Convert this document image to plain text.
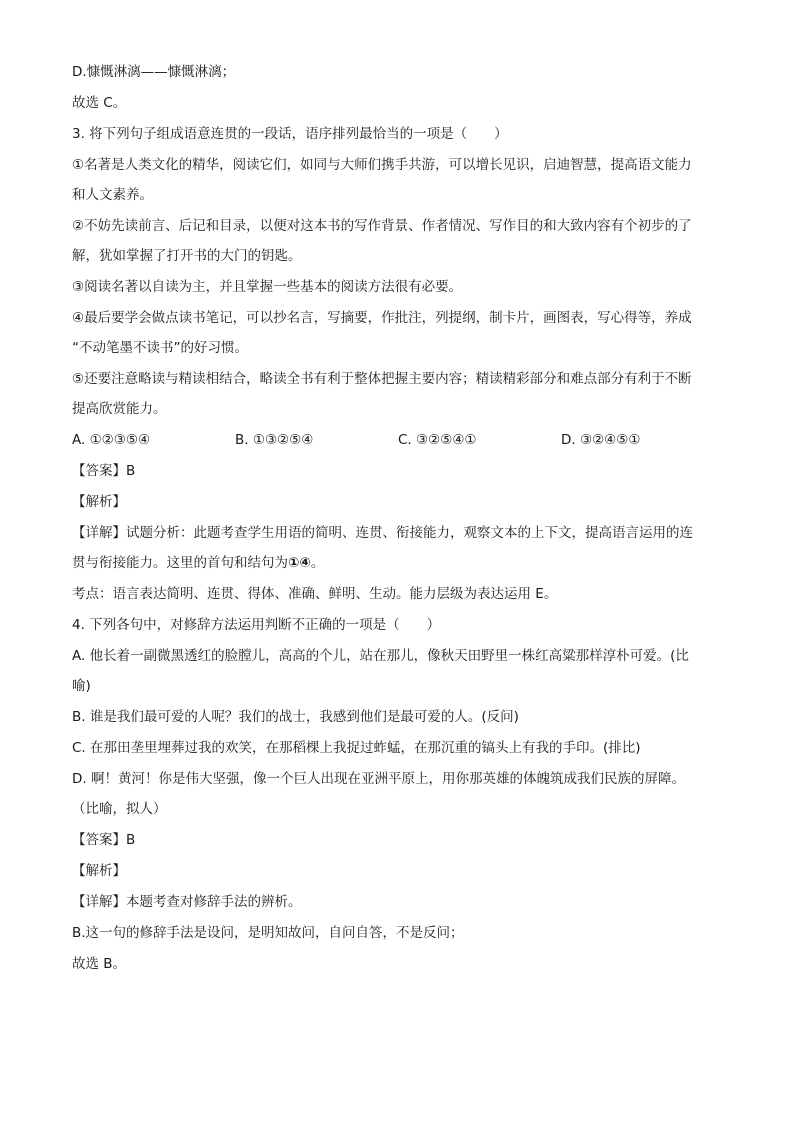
D.慷慨淋漓——慷慨淋漓；

故选 C。

3. 将下列句子组成语意连贯的一段话，语序排列最恰当的一项是（　　）

①名著是人类文化的精华，阅读它们，如同与大师们携手共游，可以增长见识，启迪智慧，提高语文能力

和人文素养。

②不妨先读前言、后记和目录，以便对这本书的写作背景、作者情况、写作目的和大致内容有个初步的了

解，犹如掌握了打开书的大门的钥匙。

③阅读名著以自读为主，并且掌握一些基本的阅读方法很有必要。

④最后要学会做点读书笔记，可以抄名言，写摘要，作批注，列提纲，制卡片，画图表，写心得等，养成

“不动笔墨不读书”的好习惯。

⑤还要注意略读与精读相结合，略读全书有利于整体把握主要内容；精读精彩部分和难点部分有利于不断

提高欣赏能力。

A. ①②③⑤④	B. ①③②⑤④	C. ③②⑤④①	D. ③②④⑤①

【答案】B

【解析】

【详解】试题分析：此题考查学生用语的简明、连贯、衔接能力，观察文本的上下文，提高语言运用的连

贯与衔接能力。这里的首句和结句为①④。

考点：语言表达简明、连贯、得体、准确、鲜明、生动。能力层级为表达运用 E。

4. 下列各句中，对修辞方法运用判断不正确的一项是（　　）

A. 他长着一副微黑透红的脸膛儿，高高的个儿，站在那儿，像秋天田野里一株红高粱那样淳朴可爱。(比

喻)

B. 谁是我们最可爱的人呢？我们的战士，我感到他们是最可爱的人。(反问)

C. 在那田垄里埋葬过我的欢笑，在那稻棵上我捉过蚱蜢，在那沉重的镐头上有我的手印。(排比)

D. 啊！黄河！你是伟大坚强，像一个巨人出现在亚洲平原上，用你那英雄的体魄筑成我们民族的屏障。

（比喻，拟人）

【答案】B

【解析】

【详解】本题考查对修辞手法的辨析。

B.这一句的修辞手法是设问，是明知故问，自问自答，不是反问；

故选 B。
